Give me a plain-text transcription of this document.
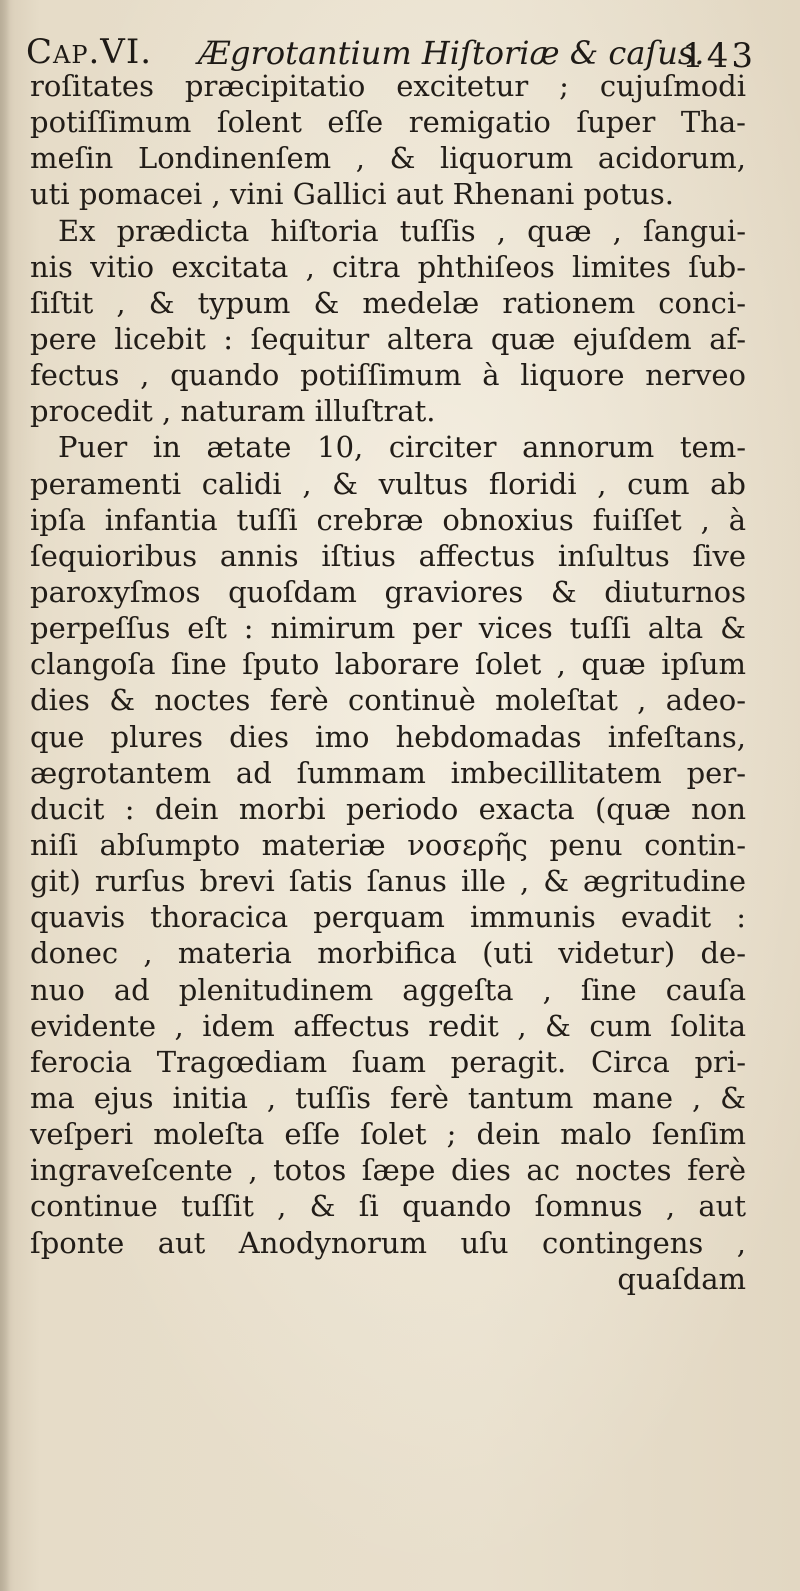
Cap.VI. Ægrotantium Hiſtoriæ & caſus.
143
roſitates præcipitatio excitetur ; cujuſmodi
potiſſimum ſolent eſſe remigatio ſuper Tha-
meſin Londinenſem , & liquorum acidorum,
uti pomacei , vini Gallici aut Rhenani potus.
Ex prædicta hiſtoria tuſſis , quæ , ſangui-
nis vitio excitata , citra phthiſeos limites ſub-
ſiſtit , & typum & medelæ rationem conci-
pere licebit : ſequitur altera quæ ejuſdem af-
fectus , quando potiſſimum à liquore nerveo
procedit , naturam illuſtrat.
Puer in ætate 10, circiter annorum tem-
peramenti calidi , & vultus floridi , cum ab
ipſa infantia tuſſi crebræ obnoxius fuiſſet , à
ſequioribus annis iſtius affectus inſultus ſive
paroxyſmos quoſdam graviores & diuturnos
perpeſſus eſt : nimirum per vices tuſſi alta &
clangoſa ſine ſputo laborare ſolet , quæ ipſum
dies & noctes ferè continuè moleſtat , adeo-
que plures dies imo hebdomadas infeſtans,
ægrotantem ad ſummam imbecillitatem per-
ducit : dein morbi periodo exacta (quæ non
niſi abſumpto materiæ νοσερῆς penu contin-
git) rurſus brevi ſatis ſanus ille , & ægritudine
quavis thoracica perquam immunis evadit :
donec , materia morbifica (uti videtur) de-
nuo ad plenitudinem aggeſta , ſine cauſa
evidente , idem affectus redit , & cum ſolita
ferocia Tragœdiam ſuam peragit. Circa pri-
ma ejus initia , tuſſis ferè tantum mane , &
veſperi moleſta eſſe ſolet ; dein malo ſenſim
ingraveſcente , totos ſæpe dies ac noctes ferè
continue tuſſit , & ſi quando ſomnus , aut
ſponte aut Anodynorum uſu contingens ,
quaſdam
